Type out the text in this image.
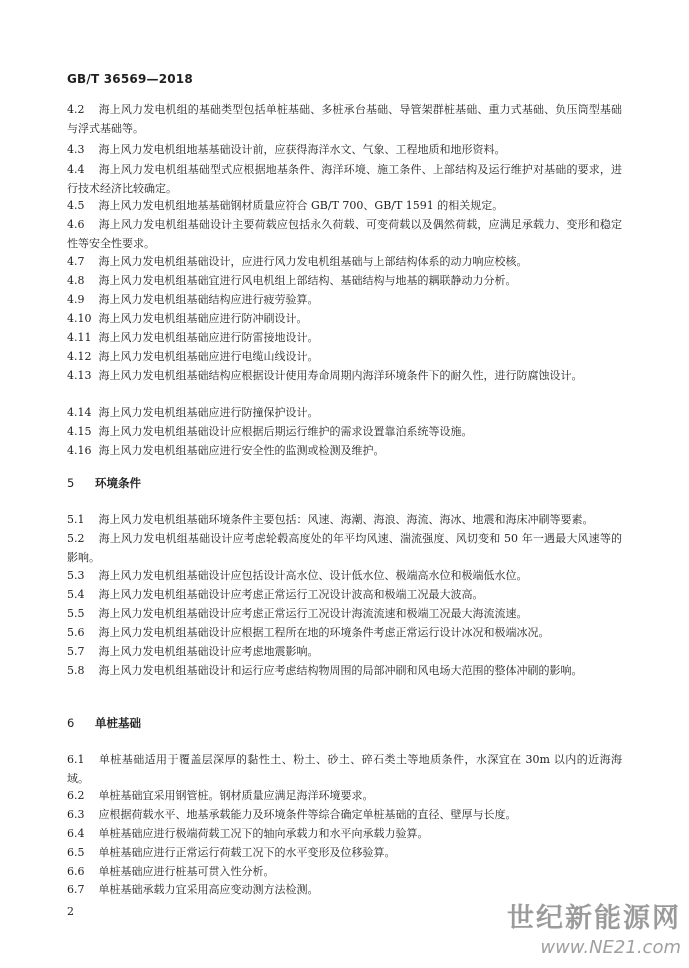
GB/T 36569—2018

4.2 海上风力发电机组的基础类型包括单桩基础、多桩承台基础、导管架群桩基础、重力式基础、负压筒型基础与浮式基础等。

4.3 海上风力发电机组地基基础设计前，应获得海洋水文、气象、工程地质和地形资料。

4.4 海上风力发电机组基础型式应根据地基条件、海洋环境、施工条件、上部结构及运行维护对基础的要求，进行技术经济比较确定。

4.5 海上风力发电机组地基基础钢材质量应符合 GB/T 700、GB/T 1591 的相关规定。

4.6 海上风力发电机组基础设计主要荷载应包括永久荷载、可变荷载以及偶然荷载，应满足承载力、变形和稳定性等安全性要求。

4.7 海上风力发电机组基础设计，应进行风力发电机组基础与上部结构体系的动力响应校核。

4.8 海上风力发电机组基础宜进行风电机组上部结构、基础结构与地基的耦联静动力分析。

4.9 海上风力发电机组基础结构应进行疲劳验算。

4.10 海上风力发电机组基础应进行防冲刷设计。

4.11 海上风力发电机组基础应进行防雷接地设计。

4.12 海上风力发电机组基础应进行电缆山线设计。

4.13 海上风力发电机组基础结构应根据设计使用寿命周期内海洋环境条件下的耐久性，进行防腐蚀设计。

4.14 海上风力发电机组基础应进行防撞保护设计。

4.15 海上风力发电机组基础设计应根据后期运行维护的需求设置靠泊系统等设施。

4.16 海上风力发电机组基础应进行安全性的监测或检测及维护。

5 环境条件

5.1 海上风力发电机组基础环境条件主要包括：风速、海潮、海浪、海流、海冰、地震和海床冲刷等要素。

5.2 海上风力发电机组基础设计应考虑轮毂高度处的年平均风速、湍流强度、风切变和 50 年一遇最大风速等的影响。

5.3 海上风力发电机组基础设计应包括设计高水位、设计低水位、极端高水位和极端低水位。

5.4 海上风力发电机组基础设计应考虑正常运行工况设计波高和极端工况最大波高。

5.5 海上风力发电机组基础设计应考虑正常运行工况设计海流流速和极端工况最大海流流速。

5.6 海上风力发电机组基础设计应根据工程所在地的环境条件考虑正常运行设计冰况和极端冰况。

5.7 海上风力发电机组基础设计应考虑地震影响。

5.8 海上风力发电机组基础设计和运行应考虑结构物周围的局部冲刷和风电场大范围的整体冲刷的影响。

6 单桩基础

6.1 单桩基础适用于覆盖层深厚的黏性土、粉土、砂土、碎石类土等地质条件，水深宜在 30m 以内的近海海域。

6.2 单桩基础宜采用钢管桩。钢材质量应满足海洋环境要求。

6.3 应根据荷载水平、地基承载能力及环境条件等综合确定单桩基础的直径、壁厚与长度。

6.4 单桩基础应进行极端荷载工况下的轴向承载力和水平向承载力验算。

6.5 单桩基础应进行正常运行荷载工况下的水平变形及位移验算。

6.6 单桩基础应进行桩基可贯入性分析。

6.7 单桩基础承载力宜采用高应变动测方法检测。

2	世纪新能源网
www.NE21.com
